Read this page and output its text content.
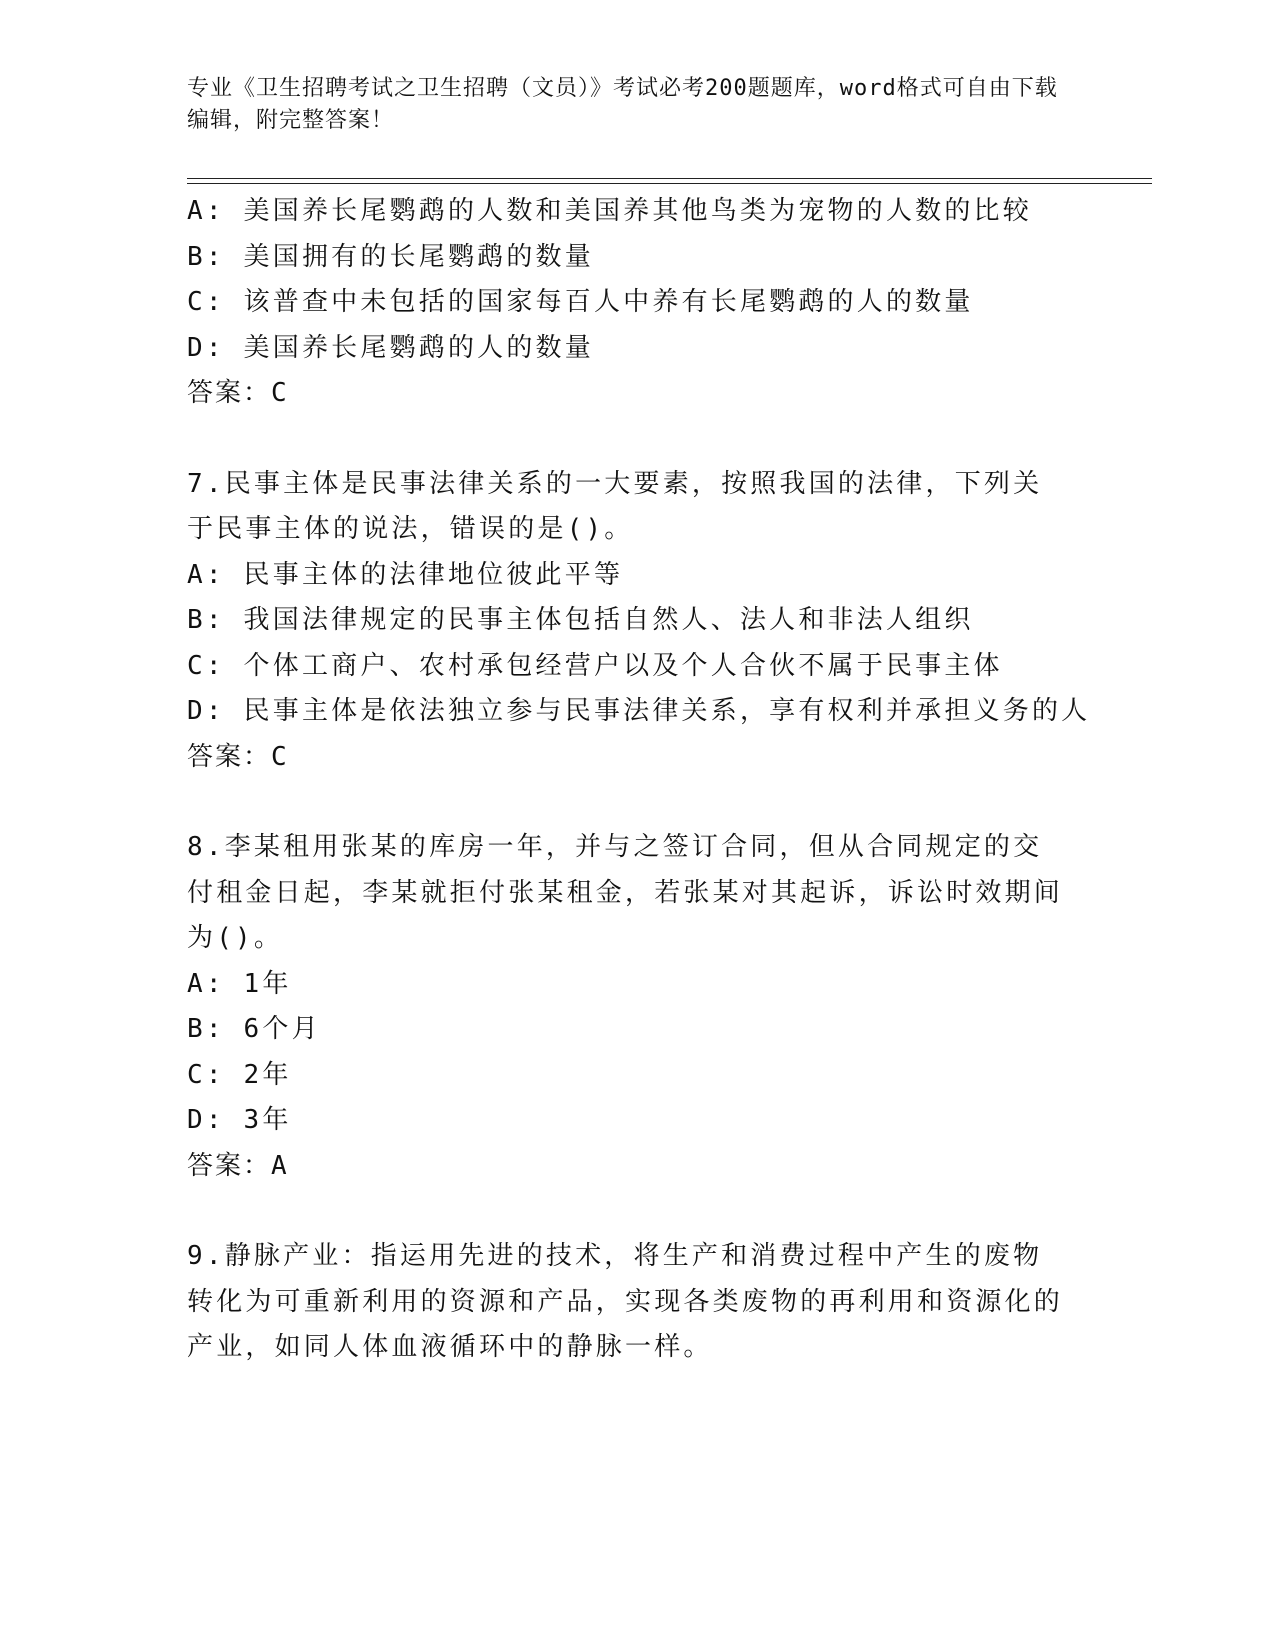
专业《卫生招聘考试之卫生招聘（文员）》考试必考200题题库，word格式可自由下载编辑，附完整答案！
A: 美国养长尾鹦鹉的人数和美国养其他鸟类为宠物的人数的比较
B: 美国拥有的长尾鹦鹉的数量
C: 该普查中未包括的国家每百人中养有长尾鹦鹉的人的数量
D: 美国养长尾鹦鹉的人的数量
答案：C
7.民事主体是民事法律关系的一大要素，按照我国的法律，下列关于民事主体的说法，错误的是()。
A: 民事主体的法律地位彼此平等
B: 我国法律规定的民事主体包括自然人、法人和非法人组织
C: 个体工商户、农村承包经营户以及个人合伙不属于民事主体
D: 民事主体是依法独立参与民事法律关系，享有权利并承担义务的人
答案：C
8.李某租用张某的库房一年，并与之签订合同，但从合同规定的交付租金日起，李某就拒付张某租金，若张某对其起诉，诉讼时效期间为()。
A: 1年
B: 6个月
C: 2年
D: 3年
答案：A
9.静脉产业：指运用先进的技术，将生产和消费过程中产生的废物转化为可重新利用的资源和产品，实现各类废物的再利用和资源化的产业，如同人体血液循环中的静脉一样。
